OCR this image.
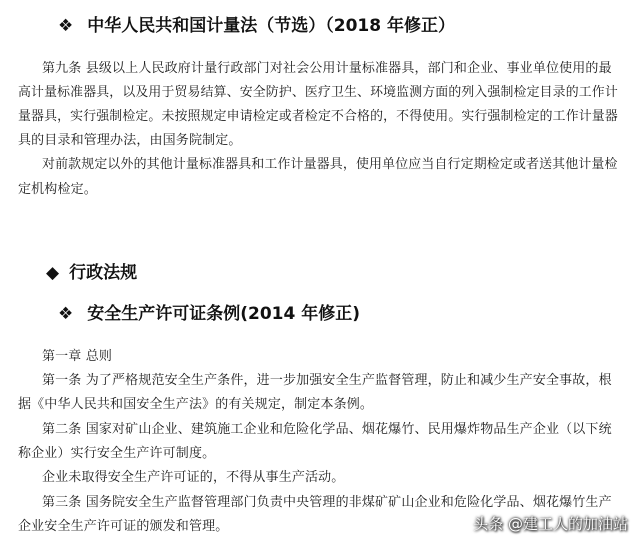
❖ 中华人民共和国计量法（节选）（2018 年修正）
第九条 县级以上人民政府计量行政部门对社会公用计量标准器具，部门和企业、事业单位使用的最
高计量标准器具，以及用于贸易结算、安全防护、医疗卫生、环境监测方面的列入强制检定目录的工作计
量器具，实行强制检定。未按照规定申请检定或者检定不合格的，不得使用。实行强制检定的工作计量器
具的目录和管理办法，由国务院制定。
对前款规定以外的其他计量标准器具和工作计量器具，使用单位应当自行定期检定或者送其他计量检
定机构检定。
◆ 行政法规
❖ 安全生产许可证条例(2014 年修正)
第一章 总则
第一条 为了严格规范安全生产条件，进一步加强安全生产监督管理，防止和减少生产安全事故，根
据《中华人民共和国安全生产法》的有关规定，制定本条例。
第二条 国家对矿山企业、建筑施工企业和危险化学品、烟花爆竹、民用爆炸物品生产企业（以下统
称企业）实行安全生产许可制度。
企业未取得安全生产许可证的，不得从事生产活动。
第三条 国务院安全生产监督管理部门负责中央管理的非煤矿矿山企业和危险化学品、烟花爆竹生产
企业安全生产许可证的颁发和管理。	头条 @建工人的加油站
